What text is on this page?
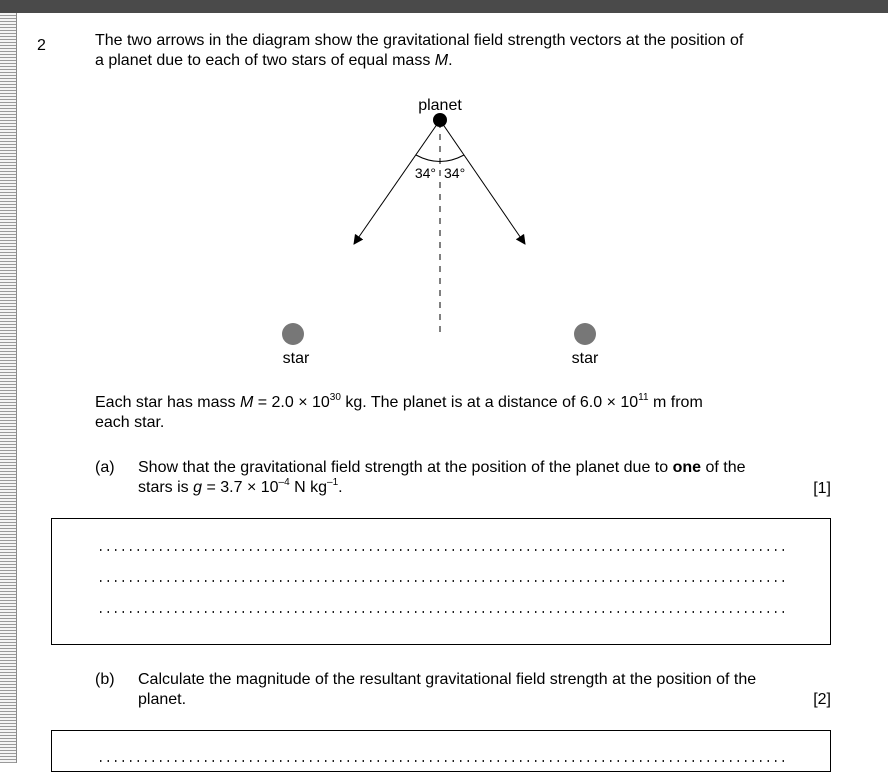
2	The two arrows in the diagram show the gravitational field strength vectors at the position of
a planet due to each of two stars of equal mass M.
planet
34° 34°
star	star
Each star has mass $M = 2.0 \times 10^{30}$ kg. The planet is at a distance of $6.0 \times 10^{11}$ m from
each star.
(a) Show that the gravitational field strength at the position of the planet due to one of the
stars is $g = 3.7 \times 10^{-4}$ N $kg^{-1}$.	[1]
(b) Calculate the magnitude of the resultant gravitational field strength at the position of the
planet.	[2]
